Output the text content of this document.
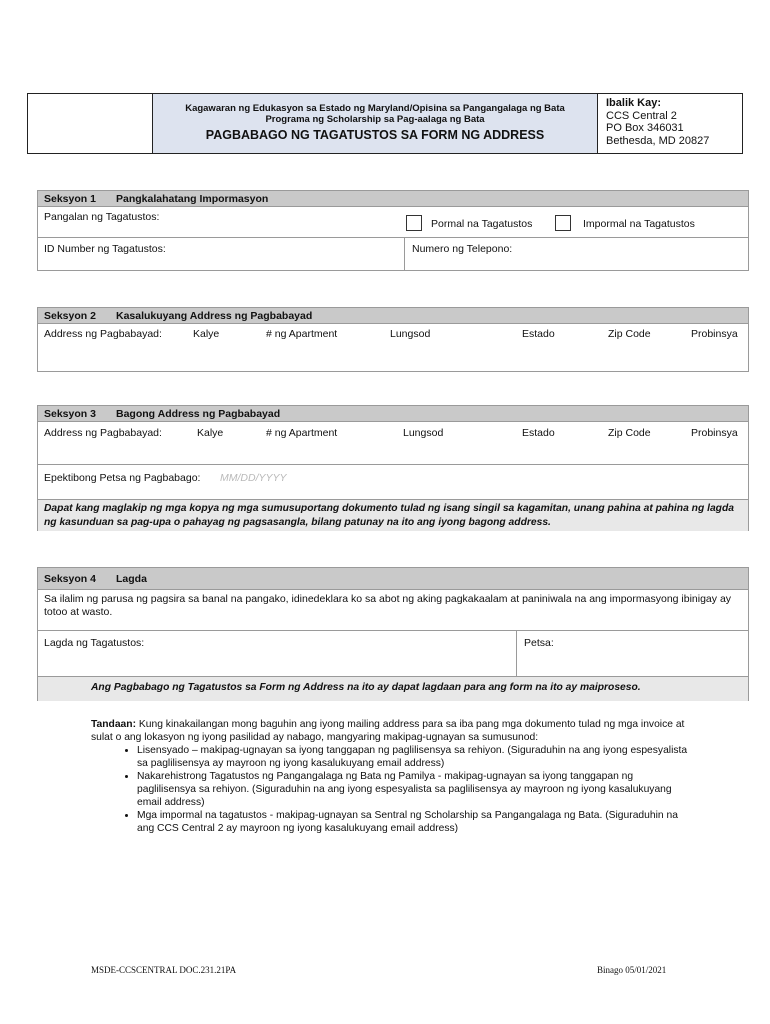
Kagawaran ng Edukasyon sa Estado ng Maryland/Opisina sa Pangangalaga ng Bata
Programa ng Scholarship sa Pag-aalaga ng Bata
PAGBABAGO NG TAGATUSTOS SA FORM NG ADDRESS
Ibalik Kay:
CCS Central 2
PO Box 346031
Bethesda, MD 20827
Seksyon 1 Pangkalahatang Impormasyon
Pangalan ng Tagatustos:
Pormal na Tagatustos	Impormal na Tagatustos
ID Number ng Tagatustos:	Numero ng Telepono:
Seksyon 2 Kasalukuyang Address ng Pagbabayad
Address ng Pagbabayad:	Kalye	# ng Apartment	Lungsod	Estado	Zip Code	Probinsya
Seksyon 3 Bagong Address ng Pagbabayad
Address ng Pagbabayad:	Kalye	# ng Apartment	Lungsod	Estado	Zip Code	Probinsya
Epektibong Petsa ng Pagbabago: MM/DD/YYYY
Dapat kang maglakip ng mga kopya ng mga sumusuportang dokumento tulad ng isang singil sa kagamitan, unang pahina at pahina ng lagda ng kasunduan sa pag-upa o pahayag ng pagsasangla, bilang patunay na ito ang iyong bagong address.
Seksyon 4 Lagda
Sa ilalim ng parusa ng pagsira sa banal na pangako, idinedeklara ko sa abot ng aking pagkakaalam at paniniwala na ang impormasyong ibinigay ay totoo at wasto.
Lagda ng Tagatustos:	Petsa:
Ang Pagbabago ng Tagatustos sa Form ng Address na ito ay dapat lagdaan para ang form na ito ay maiproseso.
Tandaan: Kung kinakailangan mong baguhin ang iyong mailing address para sa iba pang mga dokumento tulad ng mga invoice at sulat o ang lokasyon ng iyong pasilidad ay nabago, mangyaring makipag-ugnayan sa sumusunod:
• Lisensyado – makipag-ugnayan sa iyong tanggapan ng paglilisensya sa rehiyon. (Siguraduhin na ang iyong espesyalista sa paglilisensya ay mayroon ng iyong kasalukuyang email address)
• Nakarehistrong Tagatustos ng Pangangalaga ng Bata ng Pamilya - makipag-ugnayan sa iyong tanggapan ng paglilisensya sa rehiyon. (Siguraduhin na ang iyong espesyalista sa paglilisensya ay mayroon ng iyong kasalukuyang email address)
• Mga impormal na tagatustos - makipag-ugnayan sa Sentral ng Scholarship sa Pangangalaga ng Bata. (Siguraduhin na ang CCS Central 2 ay mayroon ng iyong kasalukuyang email address)
MSDE-CCSCENTRAL DOC.231.21PA	Binago 05/01/2021
